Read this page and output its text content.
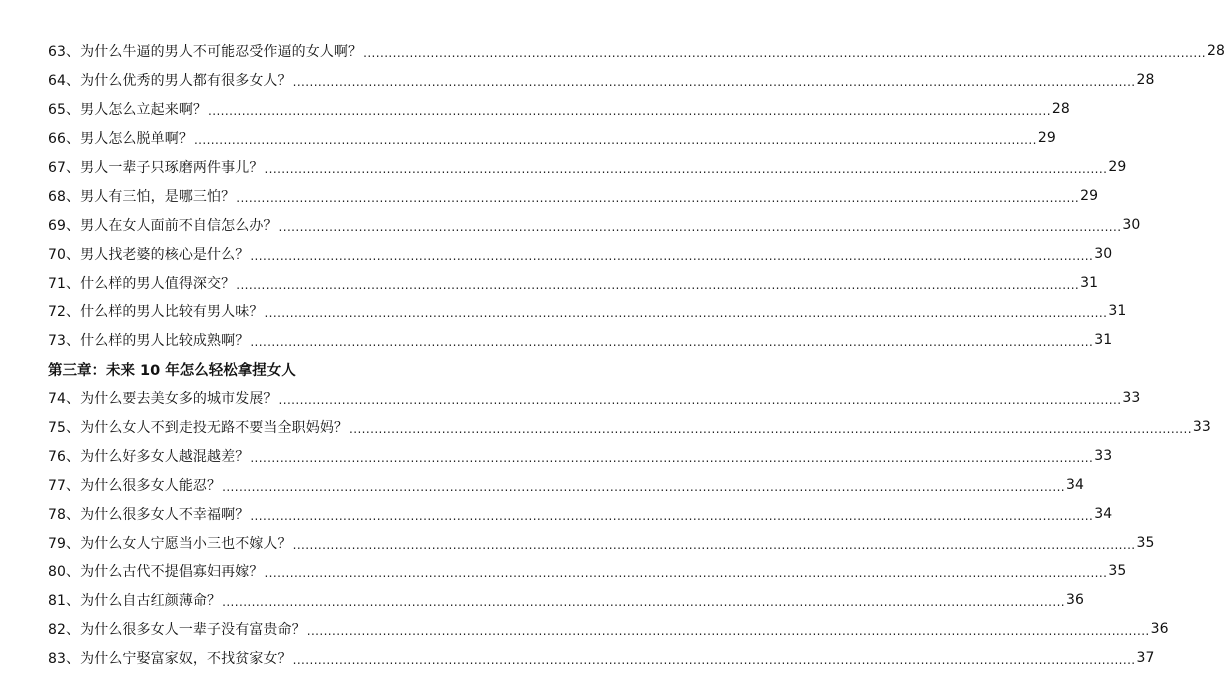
63、 为什么牛逼的男人不可能忍受作逼的女人啊？ ........................................................................................................................................................................................................ 28
64、 为什么优秀的男人都有很多女人？ ........................................................................................................................................................................................................ 28
65、 男人怎么立起来啊？ ........................................................................................................................................................................................................ 28
66、 男人怎么脱单啊？ ........................................................................................................................................................................................................ 29
67、 男人一辈子只琢磨两件事儿？ ........................................................................................................................................................................................................ 29
68、 男人有三怕，是哪三怕？ ........................................................................................................................................................................................................ 29
69、 男人在女人面前不自信怎么办？ ........................................................................................................................................................................................................ 30
70、 男人找老婆的核心是什么？ ........................................................................................................................................................................................................ 30
71、 什么样的男人值得深交？ ........................................................................................................................................................................................................ 31
72、 什么样的男人比较有男人味？ ........................................................................................................................................................................................................ 31
73、 什么样的男人比较成熟啊？ ........................................................................................................................................................................................................ 31
第三章：未来 10 年怎么轻松拿捏女人
74、 为什么要去美女多的城市发展？ ........................................................................................................................................................................................................ 33
75、 为什么女人不到走投无路不要当全职妈妈？ ........................................................................................................................................................................................................ 33
76、 为什么好多女人越混越差？ ........................................................................................................................................................................................................ 33
77、 为什么很多女人能忍？ ........................................................................................................................................................................................................ 34
78、 为什么很多女人不幸福啊？ ........................................................................................................................................................................................................ 34
79、 为什么女人宁愿当小三也不嫁人？ ........................................................................................................................................................................................................ 35
80、 为什么古代不提倡寡妇再嫁？ ........................................................................................................................................................................................................ 35
81、 为什么自古红颜薄命？ ........................................................................................................................................................................................................ 36
82、 为什么很多女人一辈子没有富贵命？ ........................................................................................................................................................................................................ 36
83、 为什么宁娶富家奴，不找贫家女？ ........................................................................................................................................................................................................ 37
